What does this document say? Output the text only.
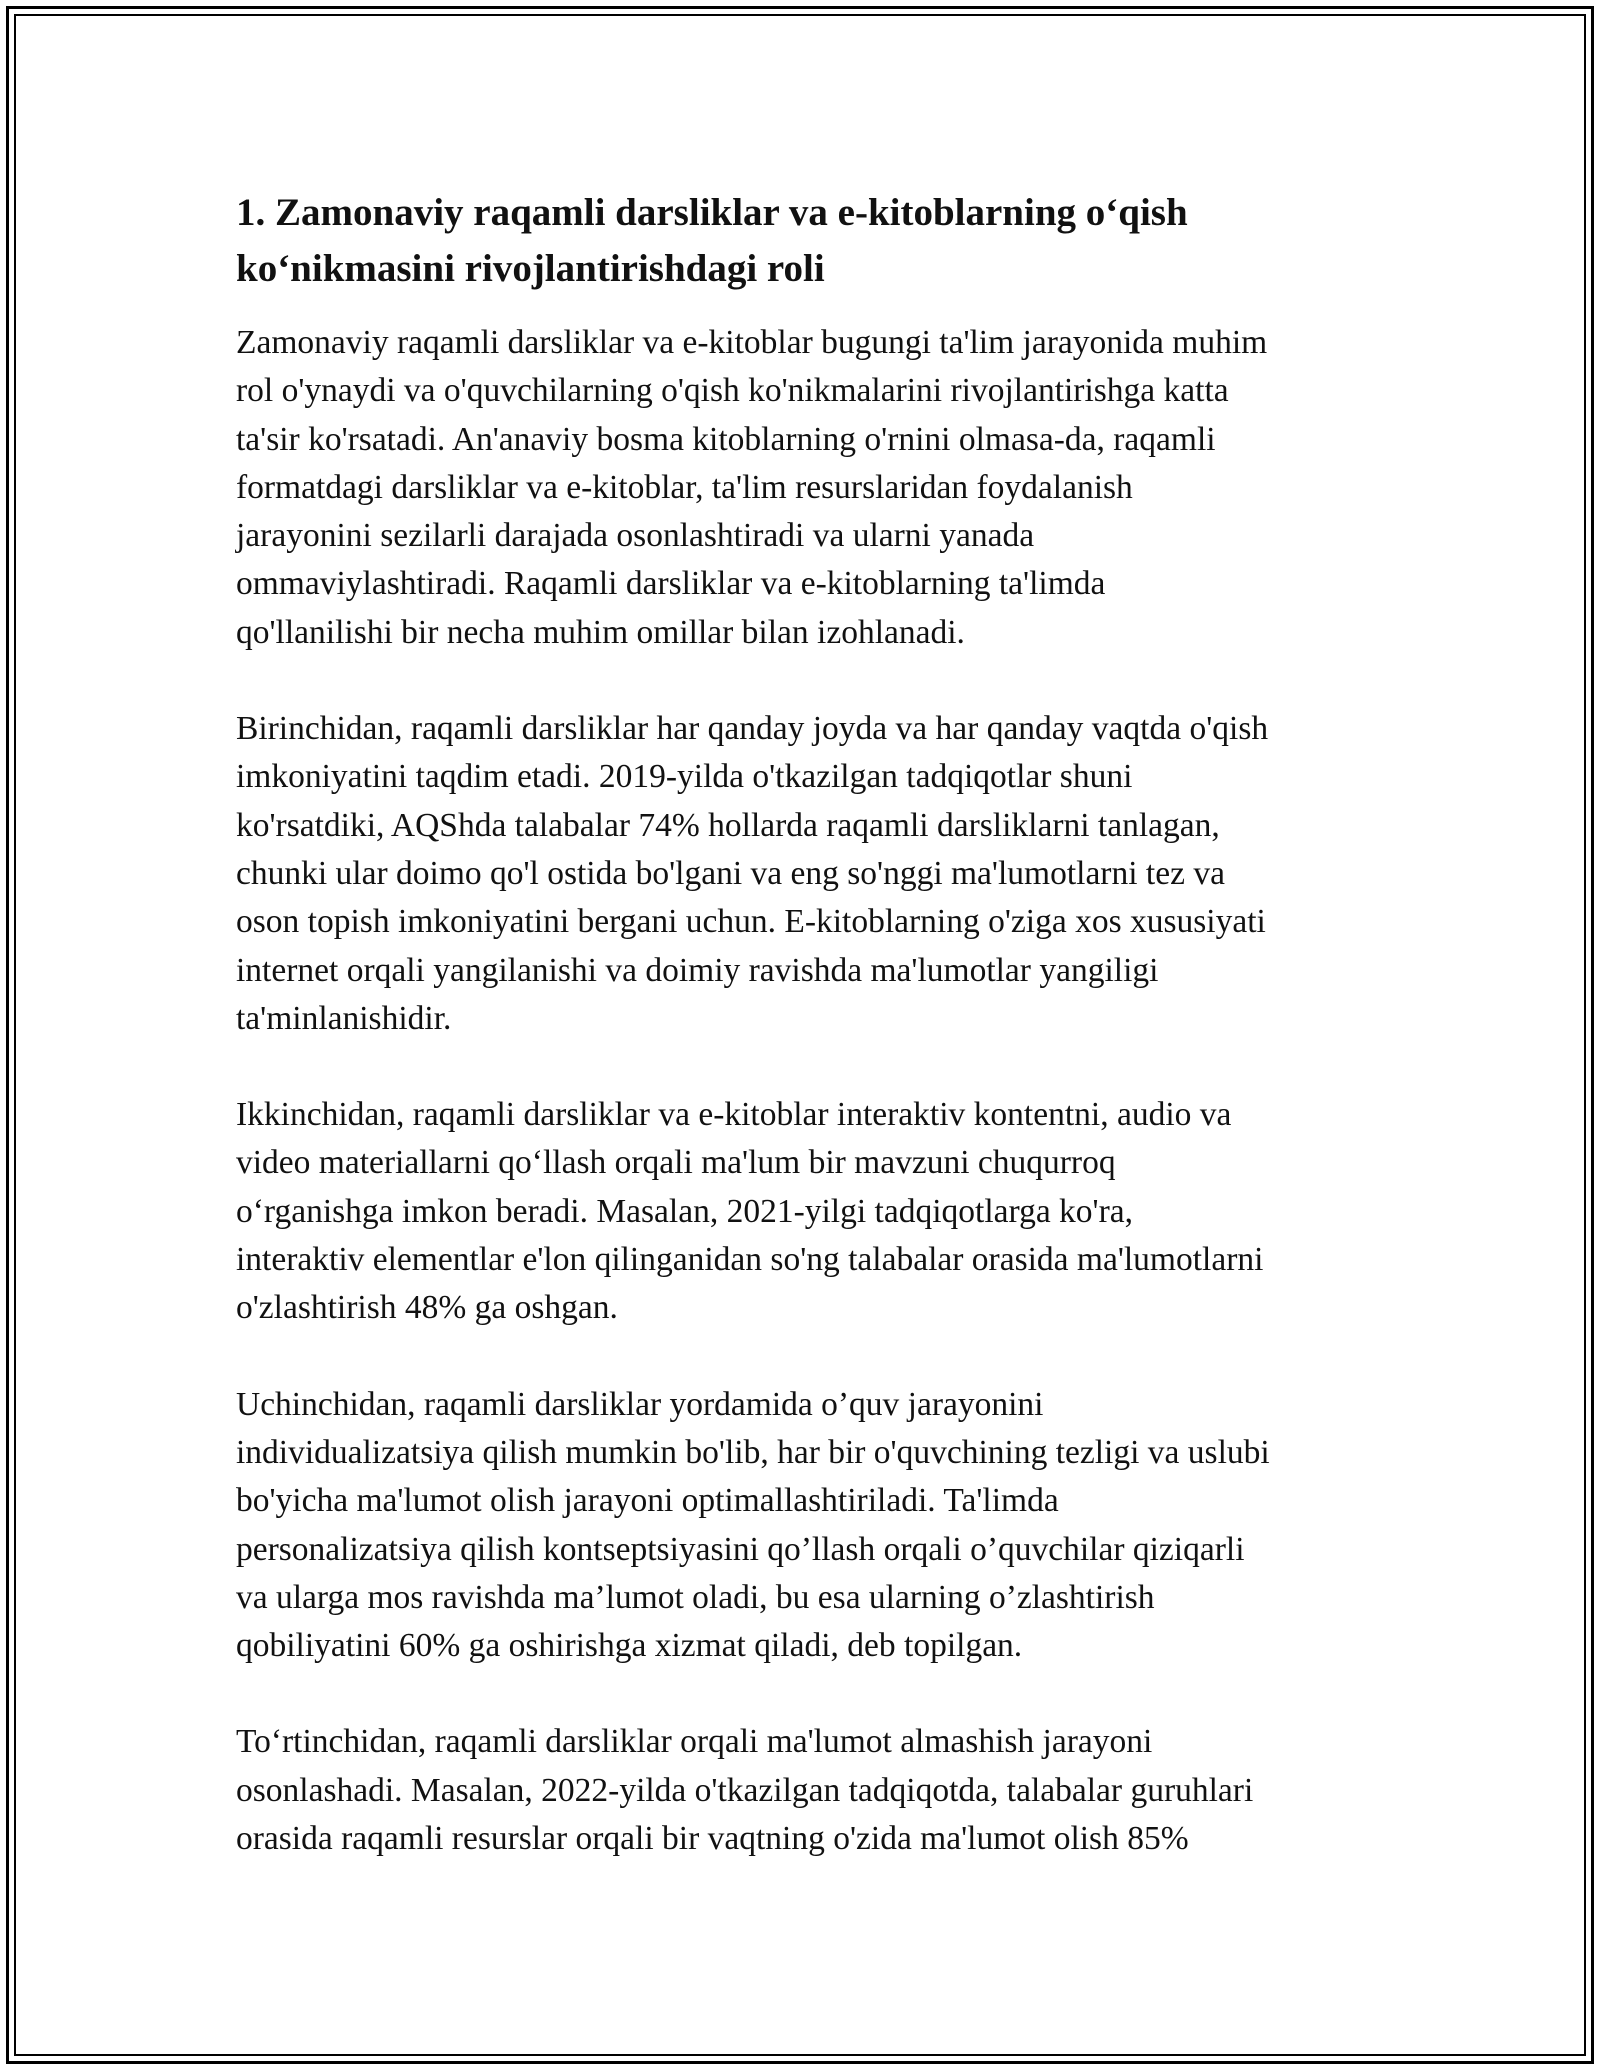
1. Zamonaviy raqamli darsliklar va e-kitoblarning o‘qish
ko‘nikmasini rivojlantirishdagi roli
Zamonaviy raqamli darsliklar va e-kitoblar bugungi ta'lim jarayonida muhim
rol o'ynaydi va o'quvchilarning o'qish ko'nikmalarini rivojlantirishga katta
ta'sir ko'rsatadi. An'anaviy bosma kitoblarning o'rnini olmasa-da, raqamli
formatdagi darsliklar va e-kitoblar, ta'lim resurslaridan foydalanish
jarayonini sezilarli darajada osonlashtiradi va ularni yanada
ommaviylashtiradi. Raqamli darsliklar va e-kitoblarning ta'limda
qo'llanilishi bir necha muhim omillar bilan izohlanadi.
Birinchidan, raqamli darsliklar har qanday joyda va har qanday vaqtda o'qish
imkoniyatini taqdim etadi. 2019-yilda o'tkazilgan tadqiqotlar shuni
ko'rsatdiki, AQShda talabalar 74% hollarda raqamli darsliklarni tanlagan,
chunki ular doimo qo'l ostida bo'lgani va eng so'nggi ma'lumotlarni tez va
oson topish imkoniyatini bergani uchun. E-kitoblarning o'ziga xos xususiyati
internet orqali yangilanishi va doimiy ravishda ma'lumotlar yangiligi
ta'minlanishidir.
Ikkinchidan, raqamli darsliklar va e-kitoblar interaktiv kontentni, audio va
video materiallarni qo‘llash orqali ma'lum bir mavzuni chuqurroq
o‘rganishga imkon beradi. Masalan, 2021-yilgi tadqiqotlarga ko'ra,
interaktiv elementlar e'lon qilinganidan so'ng talabalar orasida ma'lumotlarni
o'zlashtirish 48% ga oshgan.
Uchinchidan, raqamli darsliklar yordamida o’quv jarayonini
individualizatsiya qilish mumkin bo'lib, har bir o'quvchining tezligi va uslubi
bo'yicha ma'lumot olish jarayoni optimallashtiriladi. Ta'limda
personalizatsiya qilish kontseptsiyasini qo’llash orqali o’quvchilar qiziqarli
va ularga mos ravishda ma’lumot oladi, bu esa ularning o’zlashtirish
qobiliyatini 60% ga oshirishga xizmat qiladi, deb topilgan.
To‘rtinchidan, raqamli darsliklar orqali ma'lumot almashish jarayoni
osonlashadi. Masalan, 2022-yilda o'tkazilgan tadqiqotda, talabalar guruhlari
orasida raqamli resurslar orqali bir vaqtning o'zida ma'lumot olish 85%
